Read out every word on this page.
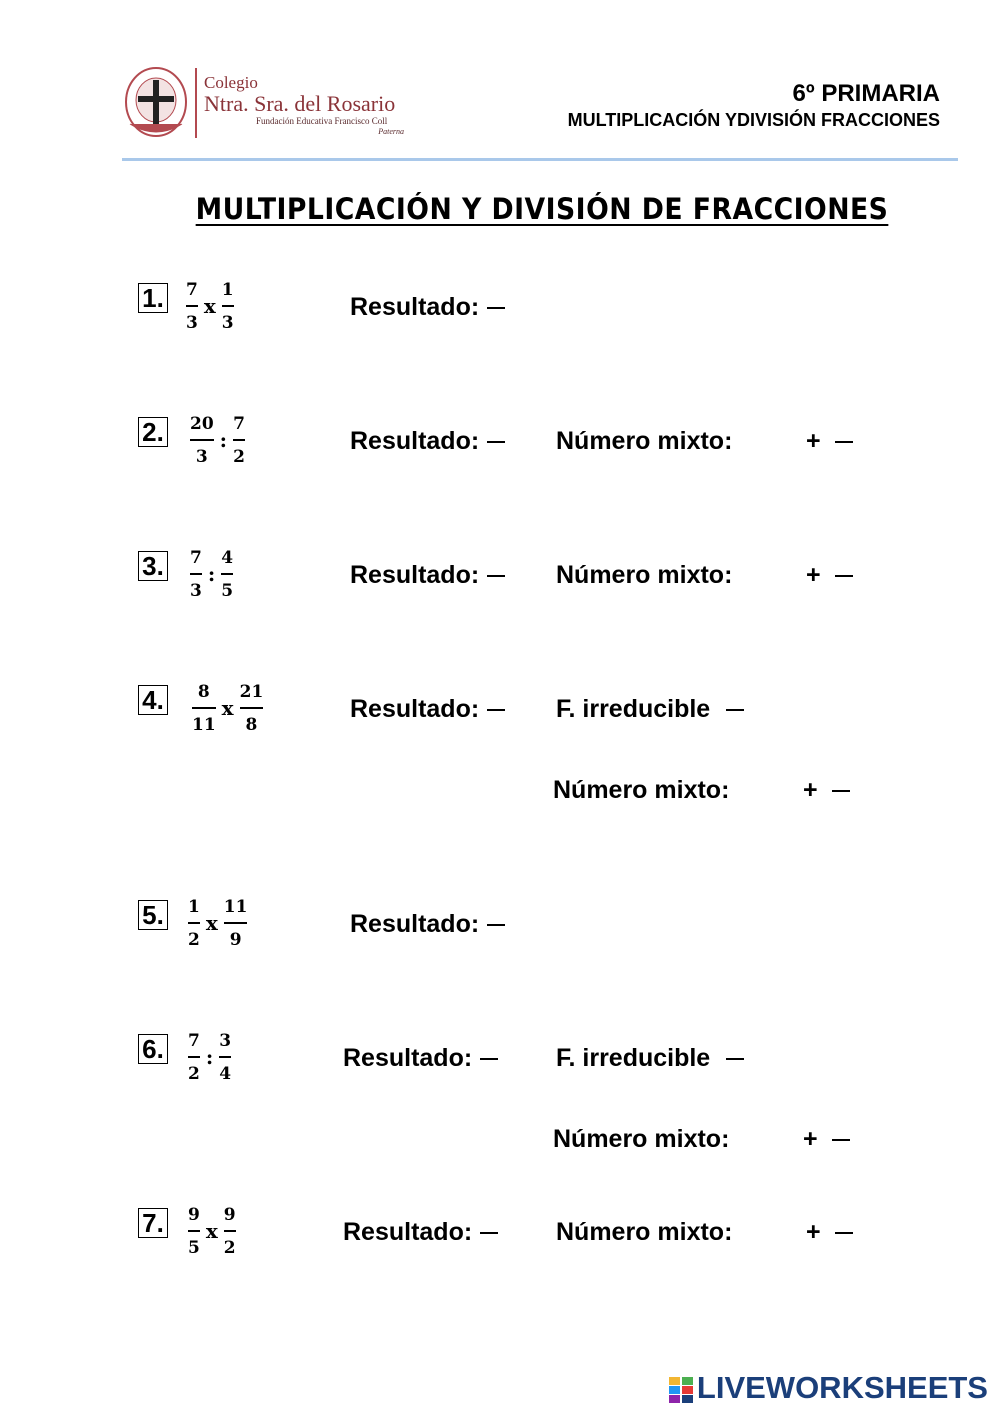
Colegio
Ntra. Sra. del Rosario
Fundación Educativa Francisco Coll
Paterna
6º PRIMARIA
MULTIPLICACIÓN YDIVISIÓN FRACCIONES
MULTIPLICACIÓN Y DIVISIÓN DE FRACCIONES
1. $\frac{7}{3}$ x $\frac{1}{3}$	Resultado:
2. $\frac{20}{3}$ : $\frac{7}{2}$	Resultado:	Número mixto:	+
3. $\frac{7}{3}$ : $\frac{4}{5}$	Resultado:	Número mixto:	+
4. $\frac{8}{11}$ x $\frac{21}{8}$	Resultado:	F. irreducible
Número mixto:	+
5. $\frac{1}{2}$ x $\frac{11}{9}$	Resultado:
6. $\frac{7}{2}$ : $\frac{3}{4}$	Resultado:	F. irreducible
Número mixto:	+
7. $\frac{9}{5}$ x $\frac{9}{2}$	Resultado:	Número mixto:	+
LIVEWORKSHEETS
